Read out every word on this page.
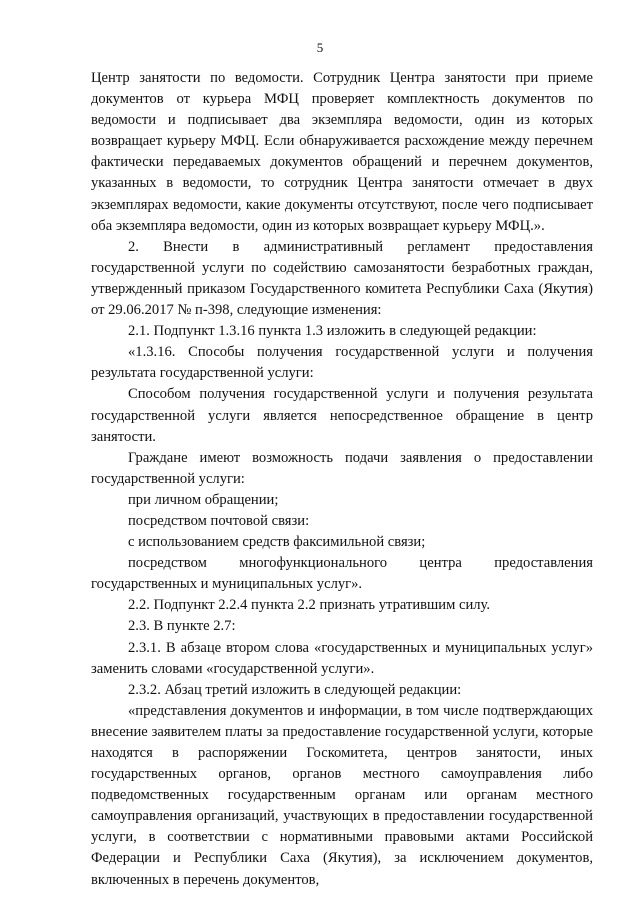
5

Центр занятости по ведомости. Сотрудник Центра занятости при приеме документов от курьера МФЦ проверяет комплектность документов по ведомости и подписывает два экземпляра ведомости, один из которых возвращает курьеру МФЦ. Если обнаруживается расхождение между перечнем фактически передаваемых документов обращений и перечнем документов, указанных в ведомости, то сотрудник Центра занятости отмечает в двух экземплярах ведомости, какие документы отсутствуют, после чего подписывает оба экземпляра ведомости, один из которых возвращает курьеру МФЦ.».

2. Внести в административный регламент предоставления государственной услуги по содействию самозанятости безработных граждан, утвержденный приказом Государственного комитета Республики Саха (Якутия) от 29.06.2017 № п-398, следующие изменения:

2.1. Подпункт 1.3.16 пункта 1.3 изложить в следующей редакции:

«1.3.16. Способы получения государственной услуги и получения результата государственной услуги:

Способом получения государственной услуги и получения результата государственной услуги является непосредственное обращение в центр занятости.

Граждане имеют возможность подачи заявления о предоставлении государственной услуги:

при личном обращении;

посредством почтовой связи:

с использованием средств факсимильной связи;

посредством многофункционального центра предоставления государственных и муниципальных услуг».

2.2. Подпункт 2.2.4 пункта 2.2 признать утратившим силу.

2.3. В пункте 2.7:

2.3.1. В абзаце втором слова «государственных и муниципальных услуг» заменить словами «государственной услуги».

2.3.2. Абзац третий изложить в следующей редакции:

«представления документов и информации, в том числе подтверждающих внесение заявителем платы за предоставление государственной услуги, которые находятся в распоряжении Госкомитета, центров занятости, иных государственных органов, органов местного самоуправления либо подведомственных государственным органам или органам местного самоуправления организаций, участвующих в предоставлении государственной услуги, в соответствии с нормативными правовыми актами Российской Федерации и Республики Саха (Якутия), за исключением документов, включенных в перечень документов,
